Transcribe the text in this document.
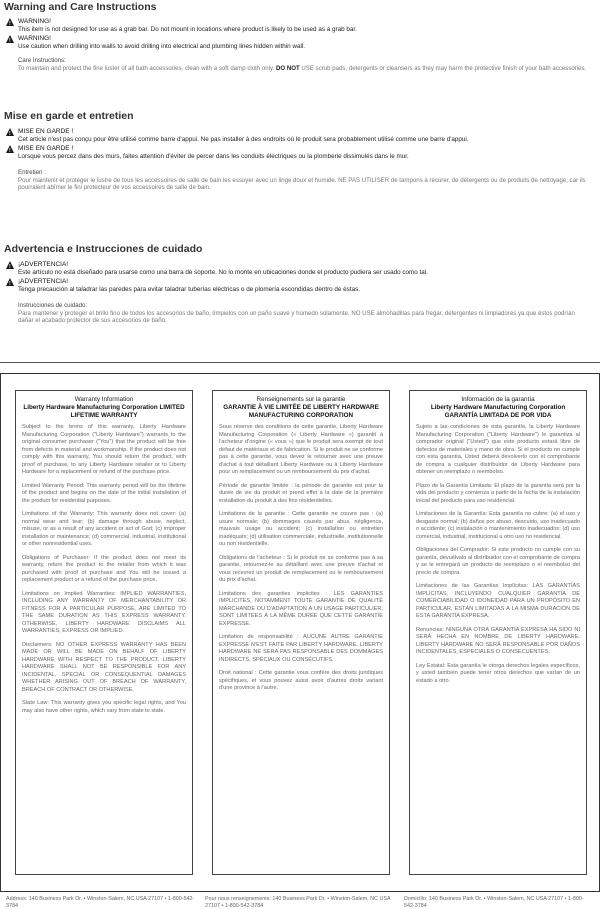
Warning and Care Instructions
! WARNING!
This item is not designed for use as a grab bar. Do not mount in locations where product is likely to be used as a grab bar.
! WARNING!
Use caution when drilling into walls to avoid drilling into electrical and plumbing lines hidden within wall.
Care Instructions:
To maintain and protect the fine luster of all bath accessories, clean with a soft damp cloth only. DO NOT USE scrub pads, detergents or cleansers as they may harm the protective finish of your bath accessories.
Mise en garde et entretien
! MISE EN GARDE !
Cet article n'est pas conçu pour être utilisé comme barre d'appui. Ne pas installer à des endroits où le produit sera probablement utilisé comme une barre d'appui.
! MISE EN GARDE !
Lorsque vous percez dans des murs, faites attention d'éviter de percer dans les conduits électriques ou la plomberie dissimulés dans le mur.
Entretien :
Pour maintenir et protéger le lustre de tous les accessoires de salle de bain les essuyer avec un linge doux et humide. NE PAS UTILISER de tampons à récurer, de détergents ou de produits de nettoyage, car ils pourraient abîmer le fini protecteur de vos accessoires de salle de bain.
Advertencia e Instrucciones de cuidado
! ¡ADVERTENCIA!
Este artículo no está diseñado para usarse como una barra de soporte. No lo monte en ubicaciones donde el producto pudiera ser usado como tal.
! ¡ADVERTENCIA!
Tenga precaución al taladrar las paredes para evitar taladrar tuberías eléctricas o de plomería escondidas dentro de éstas.
Instrucciones de cuidado:
Para mantener y proteger el brillo fino de todos los accesorios de baño, límpielos con un paño suave y húmedo solamente. NO USE almohadillas para fregar, detergentes ni limpiadores ya que éstos podrían dañar el acabado protector de sus accesorios de baño.
Warranty Information
Liberty Hardware Manufacturing Corporation LIMITED LIFETIME WARRANTY

Subject to the terms of this warranty, Liberty Hardware Manufacturing Corporation ("Liberty Hardware") warrants to the original consumer purchaser ("You") that the product will be free from defects in material and workmanship. If the product does not comply with this warranty, You should return the product, with proof of purchase, to any Liberty Hardware retailer or to Liberty Hardware for a replacement or refund of the purchase price.

Limited Warranty Period: This warranty period will be the lifetime of the product and begins on the date of the initial installation of the product for residential purposes.

Limitations of the Warranty: This warranty does not cover: (a) normal wear and tear; (b) damage through abuse, neglect, misuse, or as a result of any accident or act of God; (c) improper installation or maintenance; (d) commercial, industrial, institutional or other nonresidential uses.

Obligations of Purchaser: If the product does not meet its warranty, return the product to the retailer from which it was purchased with proof of purchase and You will be issued a replacement product or a refund of the purchase price.

Limitations on Implied Warranties: IMPLIED WARRANTIES, INCLUDING ANY WARRANTY OF MERCHANTABILITY OR FITNESS FOR A PARTICULAR PURPOSE, ARE LIMITED TO THE SAME DURATION AS THIS EXPRESS WARRANTY. OTHERWISE, LIBERTY HARDWARE DISCLAIMS ALL WARRANTIES, EXPRESS OR IMPLIED.

Disclaimers: NO OTHER EXPRESS WARRANTY HAS BEEN MADE OR WILL BE MADE ON BEHALF OF LIBERTY HARDWARE WITH RESPECT TO THE PRODUCT. LIBERTY HARDWARE SHALL NOT BE RESPONSIBLE FOR ANY INCIDENTAL, SPECIAL OR CONSEQUENTIAL DAMAGES WHETHER ARISING OUT OF BREACH OF WARRANTY, BREACH OF CONTRACT OR OTHERWISE.

State Law: This warranty gives you specific legal rights, and You may also have other rights, which vary from state to state.

Renseignements sur la garantie
GARANTIE À VIE LIMITÉE DE LIBERTY HARDWARE MANUFACTURING CORPORATION

Sous réserve des conditions de cette garantie, Liberty Hardware Manufacturing Corporation (« Liberty Hardware ») garantit à l'acheteur d'origine (« vous ») que le produit sera exempt de tout défaut de matériaux et de fabrication. Si le produit ne se conforme pas à cette garantie, vous devez le retourner avec une preuve d'achat à tout détaillant Liberty Hardware ou à Liberty Hardware pour un remplacement ou un remboursement du prix d'achat.

Période de garantie limitée : la période de garantie est pour la durée de vie du produit et prend effet à la date de la première installation du produit à des fins résidentielles.

Limitations de la garantie : Cette garantie ne couvre pas : (a) usure normale; (b) dommages causés par abus, négligence, mauvais usage ou accident; (c) installation ou entretien inadéquats; (d) utilisation commerciale, industrielle, institutionnelle ou non résidentielle.

Obligations de l'acheteur : Si le produit ne se conforme pas à sa garantie, retournez-le au détaillant avec une preuve d'achat et vous recevrez un produit de remplacement ou le remboursement du prix d'achat.

Limitations des garanties implicites : LES GARANTIES IMPLICITES, NOTAMMENT TOUTE GARANTIE DE QUALITÉ MARCHANDE OU D'ADAPTATION À UN USAGE PARTICULIER, SONT LIMITÉES À LA MÊME DURÉE QUE CETTE GARANTIE EXPRESSE.

Limitation de responsabilité : AUCUNE AUTRE GARANTIE EXPRESSE N'EST FAITE PAR LIBERTY HARDWARE. LIBERTY HARDWARE NE SERA PAS RESPONSABLE DES DOMMAGES INDIRECTS, SPÉCIAUX OU CONSÉCUTIFS.

Droit national : Cette garantie vous confère des droits juridiques spécifiques, et vous pouvez aussi avoir d'autres droits variant d'une province à l'autre.

Información de la garantía
Liberty Hardware Manufacturing Corporation GARANTÍA LIMITADA DE POR VIDA

Sujeto a las condiciones de esta garantía, la Liberty Hardware Manufacturing Corporation ("Liberty Hardware") le garantiza al comprador original ("Usted") que este producto estará libre de defectos de materiales y mano de obra. Si el producto no cumple con esta garantía, Usted deberá devolverlo con el comprobante de compra a cualquier distribuidor de Liberty Hardware para obtener un reemplazo o reembolso.

Plazo de la Garantía Limitada: El plazo de la garantía será por la vida del producto y comienza a partir de la fecha de la instalación inicial del producto para uso residencial.

Limitaciones de la Garantía: Esta garantía no cubre: (a) el uso y desgaste normal; (b) daños por abuso, descuido, uso inadecuado o accidente; (c) instalación o mantenimiento inadecuados; (d) uso comercial, industrial, institucional u otro uso no residencial.

Obligaciones del Comprador: Si este producto no cumple con su garantía, devuélvalo al distribuidor con el comprobante de compra y se le entregará un producto de reemplazo o el reembolso del precio de compra.

Limitaciones de las Garantías Implícitas: LAS GARANTÍAS IMPLÍCITAS, INCLUYENDO CUALQUIER GARANTÍA DE COMERCIABILIDAD O IDONEIDAD PARA UN PROPÓSITO EN PARTICULAR, ESTÁN LIMITADAS A LA MISMA DURACIÓN DE ESTA GARANTÍA EXPRESA.

Renuncias: NINGUNA OTRA GARANTÍA EXPRESA HA SIDO NI SERÁ HECHA EN NOMBRE DE LIBERTY HARDWARE. LIBERTY HARDWARE NO SERÁ RESPONSABLE POR DAÑOS INCIDENTALES, ESPECIALES O CONSECUENTES.

Ley Estatal: Esta garantía le otorga derechos legales específicos, y usted también puede tener otros derechos que varían de un estado a otro.

Address: 140 Business Park Dr. • Winston-Salem, NC USA 27107 • 1-800-542-3784
Pour nous renseignements: 140 Business Park Dr. • Winston-Salem, NC USA 27107 • 1-800-542-3784
Domicilio: 140 Business Park Dr. • Winston-Salem, NC USA 27107 • 1-800-542-3784
